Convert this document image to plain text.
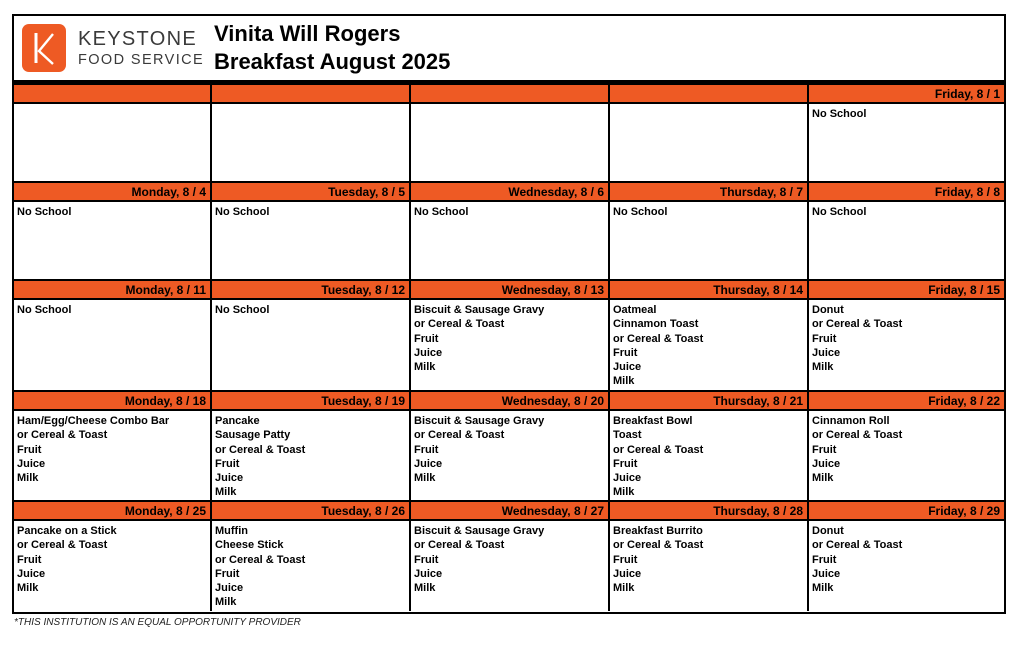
KEYSTONE
FOOD SERVICE
Vinita Will Rogers
Breakfast August 2025
Friday, 8 / 1
No School
Monday, 8 / 4
No School
Tuesday, 8 / 5
No School
Wednesday, 8 / 6
No School
Thursday, 8 / 7
No School
Friday, 8 / 8
No School
Monday, 8 / 11
No School
Tuesday, 8 / 12
No School
Wednesday, 8 / 13
Biscuit & Sausage Gravy
or Cereal & Toast
Fruit
Juice
Milk
Thursday, 8 / 14
Oatmeal
Cinnamon Toast
or Cereal & Toast
Fruit
Juice
Milk
Friday, 8 / 15
Donut
or Cereal & Toast
Fruit
Juice
Milk
Monday, 8 / 18
Ham/Egg/Cheese Combo Bar
or Cereal & Toast
Fruit
Juice
Milk
Tuesday, 8 / 19
Pancake
Sausage Patty
or Cereal & Toast
Fruit
Juice
Milk
Wednesday, 8 / 20
Biscuit & Sausage Gravy
or Cereal & Toast
Fruit
Juice
Milk
Thursday, 8 / 21
Breakfast Bowl
Toast
or Cereal & Toast
Fruit
Juice
Milk
Friday, 8 / 22
Cinnamon Roll
or Cereal & Toast
Fruit
Juice
Milk
Monday, 8 / 25
Pancake on a Stick
or Cereal & Toast
Fruit
Juice
Milk
Tuesday, 8 / 26
Muffin
Cheese Stick
or Cereal & Toast
Fruit
Juice
Milk
Wednesday, 8 / 27
Biscuit & Sausage Gravy
or Cereal & Toast
Fruit
Juice
Milk
Thursday, 8 / 28
Breakfast Burrito
or Cereal & Toast
Fruit
Juice
Milk
Friday, 8 / 29
Donut
or Cereal & Toast
Fruit
Juice
Milk
*THIS INSTITUTION IS AN EQUAL OPPORTUNITY PROVIDER
